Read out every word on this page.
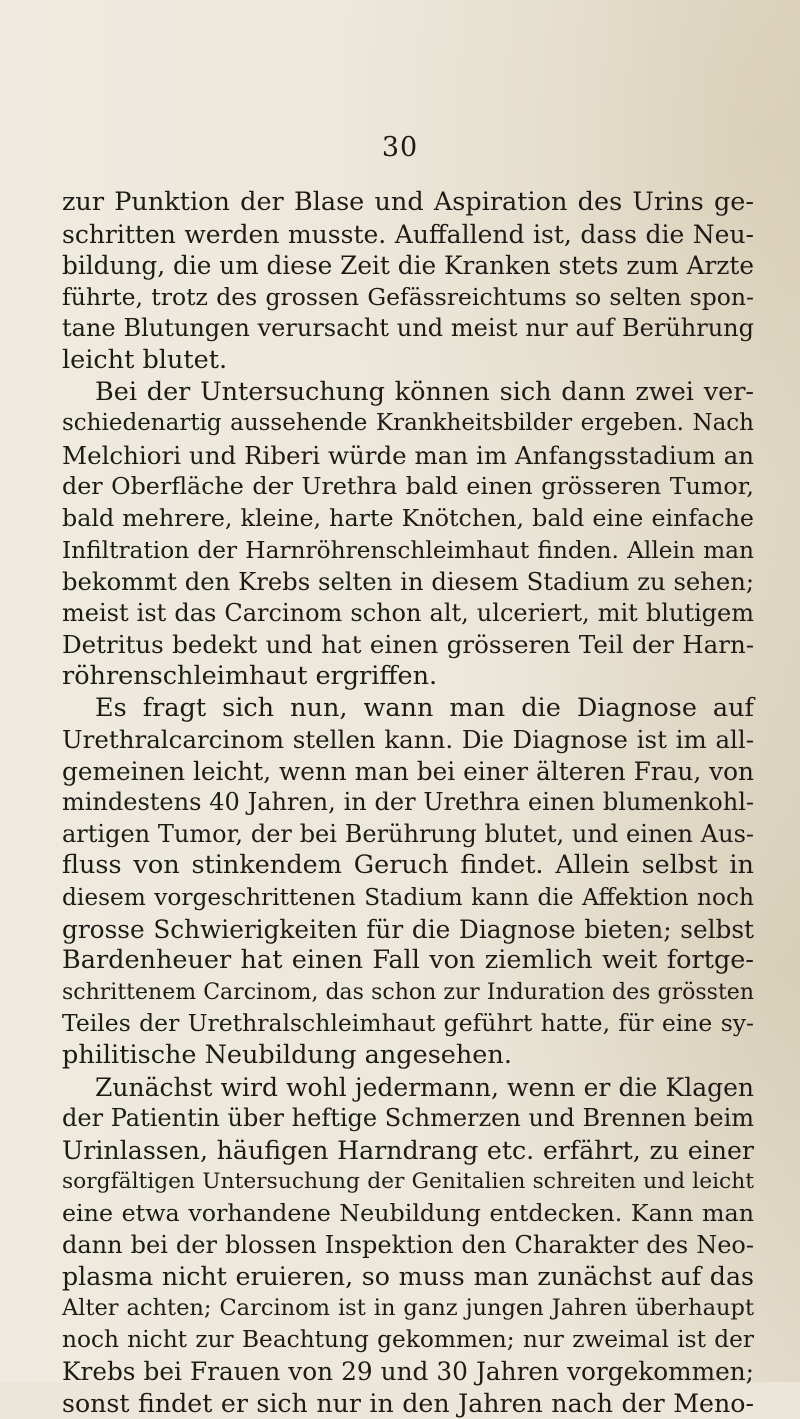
30
zur Punktion der Blase und Aspiration des Urins ge-
schritten werden musste. Auffallend ist, dass die Neu-
bildung, die um diese Zeit die Kranken stets zum Arzte
führte, trotz des grossen Gefässreichtums so selten spon-
tane Blutungen verursacht und meist nur auf Berührung
leicht blutet.
Bei der Untersuchung können sich dann zwei ver-
schiedenartig aussehende Krankheitsbilder ergeben. Nach
Melchiori und Riberi würde man im Anfangsstadium an
der Oberfläche der Urethra bald einen grösseren Tumor,
bald mehrere, kleine, harte Knötchen, bald eine einfache
Infiltration der Harnröhrenschleimhaut finden. Allein man
bekommt den Krebs selten in diesem Stadium zu sehen;
meist ist das Carcinom schon alt, ulceriert, mit blutigem
Detritus bedekt und hat einen grösseren Teil der Harn-
röhrenschleimhaut ergriffen.
Es fragt sich nun, wann man die Diagnose auf
Urethralcarcinom stellen kann. Die Diagnose ist im all-
gemeinen leicht, wenn man bei einer älteren Frau, von
mindestens 40 Jahren, in der Urethra einen blumenkohl-
artigen Tumor, der bei Berührung blutet, und einen Aus-
fluss von stinkendem Geruch findet. Allein selbst in
diesem vorgeschrittenen Stadium kann die Affektion noch
grosse Schwierigkeiten für die Diagnose bieten; selbst
Bardenheuer hat einen Fall von ziemlich weit fortge-
schrittenem Carcinom, das schon zur Induration des grössten
Teiles der Urethralschleimhaut geführt hatte, für eine sy-
philitische Neubildung angesehen.
Zunächst wird wohl jedermann, wenn er die Klagen
der Patientin über heftige Schmerzen und Brennen beim
Urinlassen, häufigen Harndrang etc. erfährt, zu einer
sorgfältigen Untersuchung der Genitalien schreiten und leicht
eine etwa vorhandene Neubildung entdecken. Kann man
dann bei der blossen Inspektion den Charakter des Neo-
plasma nicht eruieren, so muss man zunächst auf das
Alter achten; Carcinom ist in ganz jungen Jahren überhaupt
noch nicht zur Beachtung gekommen; nur zweimal ist der
Krebs bei Frauen von 29 und 30 Jahren vorgekommen;
sonst findet er sich nur in den Jahren nach der Meno-
